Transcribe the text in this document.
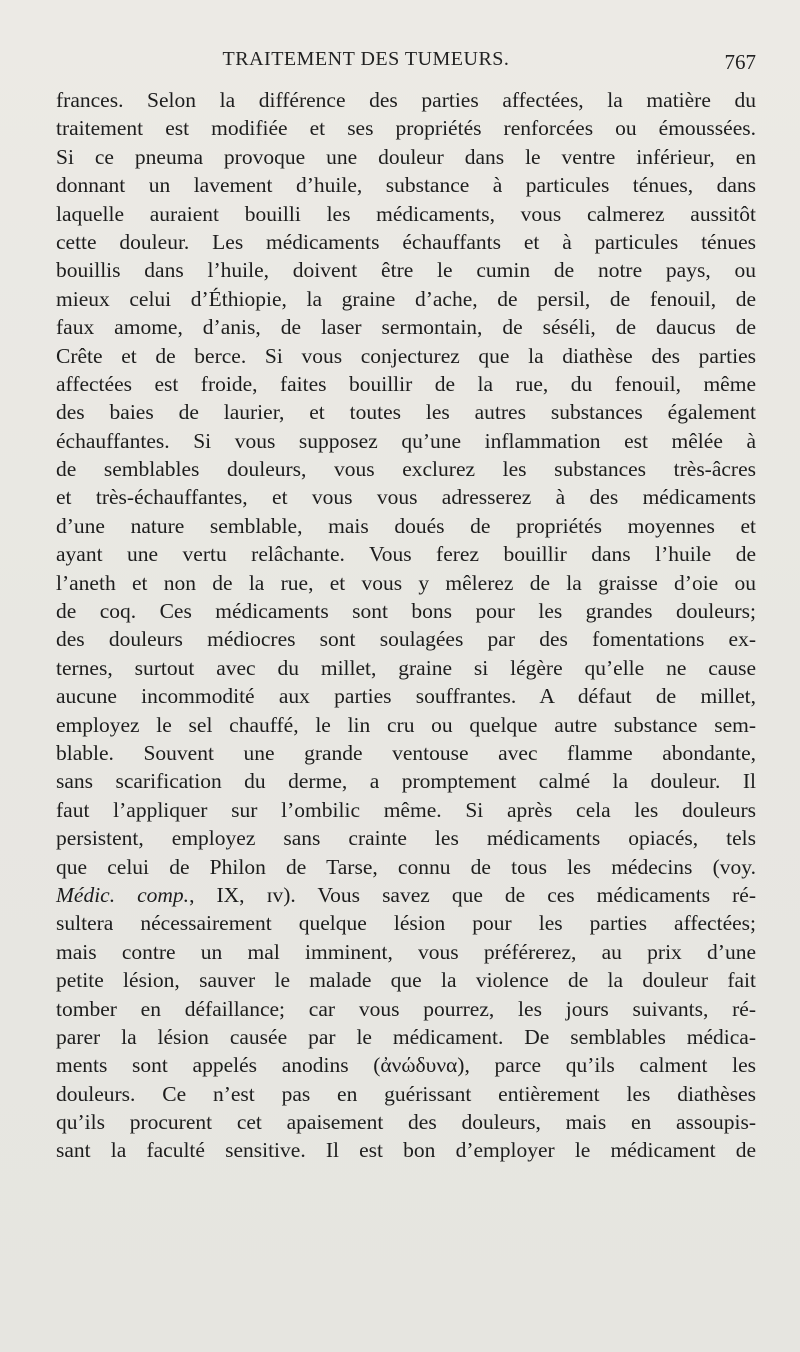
TRAITEMENT DES TUMEURS.	767
frances. Selon la différence des parties affectées, la matière du
traitement est modifiée et ses propriétés renforcées ou émoussées.
Si ce pneuma provoque une douleur dans le ventre inférieur, en
donnant un lavement d’huile, substance à particules ténues, dans
laquelle auraient bouilli les médicaments, vous calmerez aussitôt
cette douleur. Les médicaments échauffants et à particules ténues
bouillis dans l’huile, doivent être le cumin de notre pays, ou
mieux celui d’Éthiopie, la graine d’ache, de persil, de fenouil, de
faux amome, d’anis, de laser sermontain, de séséli, de daucus de
Crête et de berce. Si vous conjecturez que la diathèse des parties
affectées est froide, faites bouillir de la rue, du fenouil, même
des baies de laurier, et toutes les autres substances également
échauffantes. Si vous supposez qu’une inflammation est mêlée à
de semblables douleurs, vous exclurez les substances très-âcres
et très-échauffantes, et vous vous adresserez à des médicaments
d’une nature semblable, mais doués de propriétés moyennes et
ayant une vertu relâchante. Vous ferez bouillir dans l’huile de
l’aneth et non de la rue, et vous y mêlerez de la graisse d’oie ou
de coq. Ces médicaments sont bons pour les grandes douleurs;
des douleurs médiocres sont soulagées par des fomentations ex-
ternes, surtout avec du millet, graine si légère qu’elle ne cause
aucune incommodité aux parties souffrantes. A défaut de millet,
employez le sel chauffé, le lin cru ou quelque autre substance sem-
blable. Souvent une grande ventouse avec flamme abondante,
sans scarification du derme, a promptement calmé la douleur. Il
faut l’appliquer sur l’ombilic même. Si après cela les douleurs
persistent, employez sans crainte les médicaments opiacés, tels
que celui de Philon de Tarse, connu de tous les médecins (voy.
Médic. comp., IX, ɪv). Vous savez que de ces médicaments ré-
sultera nécessairement quelque lésion pour les parties affectées;
mais contre un mal imminent, vous préférerez, au prix d’une
petite lésion, sauver le malade que la violence de la douleur fait
tomber en défaillance; car vous pourrez, les jours suivants, ré-
parer la lésion causée par le médicament. De semblables médica-
ments sont appelés anodins (ἀνώδυνα), parce qu’ils calment les
douleurs. Ce n’est pas en guérissant entièrement les diathèses
qu’ils procurent cet apaisement des douleurs, mais en assoupis-
sant la faculté sensitive. Il est bon d’employer le médicament de
